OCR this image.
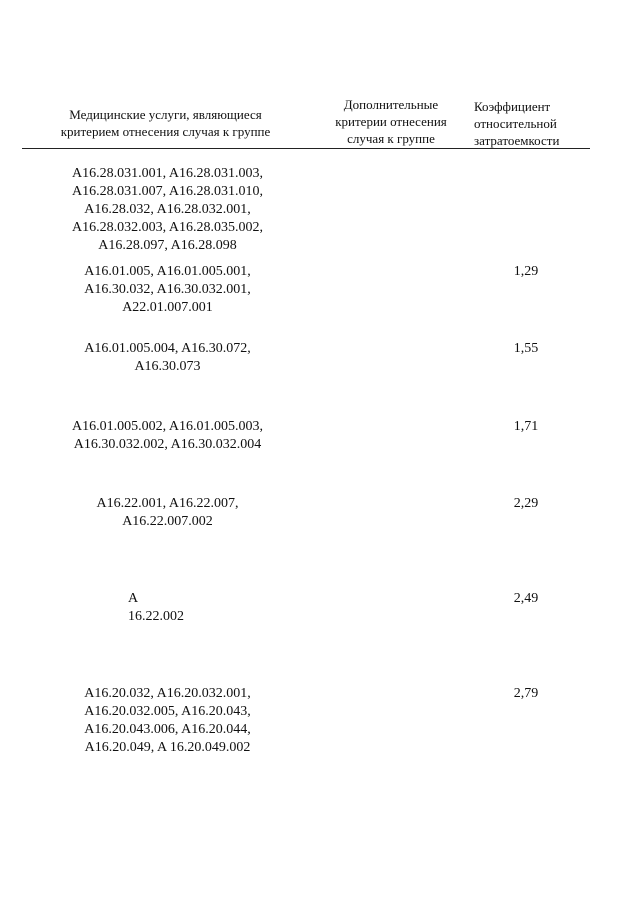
Медицинские услуги, являющиеся
критерием отнесения случая к группе
Дополнительные
критерии отнесения
случая к группе
Коэффициент
относительной
затратоемкости
A16.28.031.001, A16.28.031.003,
A16.28.031.007, A16.28.031.010,
A16.28.032, A16.28.032.001,
A16.28.032.003, A16.28.035.002,
A16.28.097, A16.28.098
A16.01.005, A16.01.005.001,
A16.30.032, A16.30.032.001,
A22.01.007.001
1,29
A16.01.005.004, A16.30.072,
A16.30.073
1,55
A16.01.005.002, A16.01.005.003,
A16.30.032.002, A16.30.032.004
1,71
A16.22.001, A16.22.007,
A16.22.007.002
2,29
A
16.22.002
2,49
A16.20.032, A16.20.032.001,
A16.20.032.005, A16.20.043,
A16.20.043.006, A16.20.044,
A16.20.049, A 16.20.049.002
2,79
